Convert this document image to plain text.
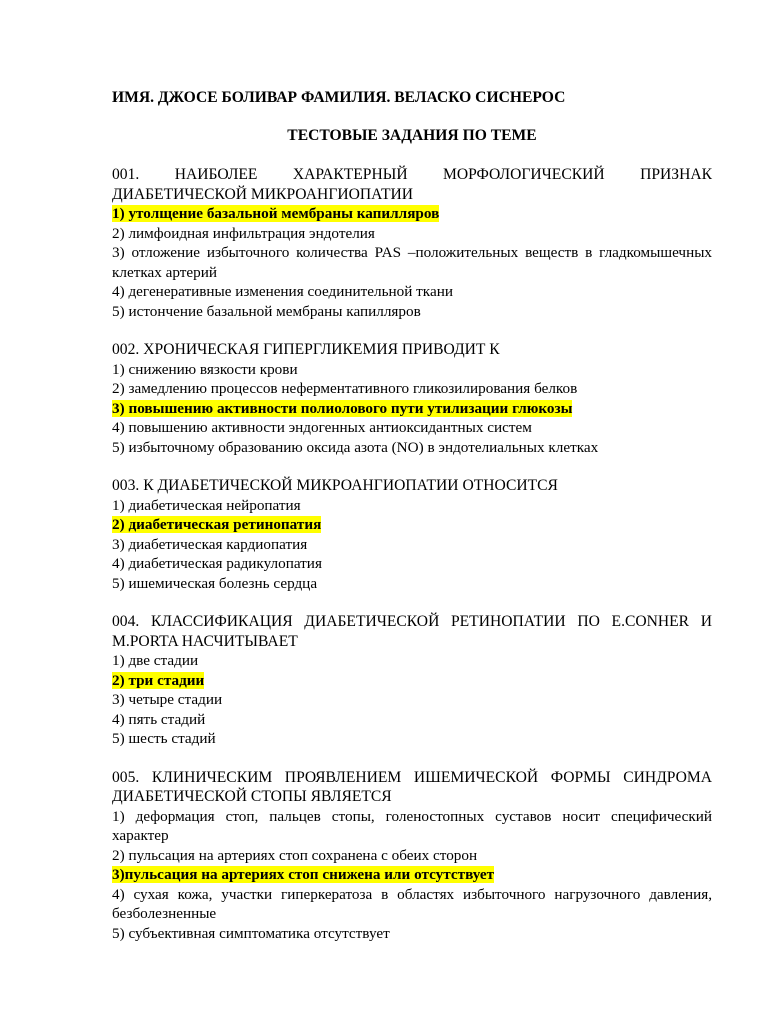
ИМЯ. ДЖОСЕ БОЛИВАР ФАМИЛИЯ. ВЕЛАСКО СИСНЕРОС
ТЕСТОВЫЕ ЗАДАНИЯ ПО ТЕМЕ
001. НАИБОЛЕЕ ХАРАКТЕРНЫЙ МОРФОЛОГИЧЕСКИЙ ПРИЗНАК ДИАБЕТИЧЕСКОЙ МИКРОАНГИОПАТИИ
1) утолщение базальной мембраны капилляров
2) лимфоидная инфильтрация эндотелия
3) отложение избыточного количества PAS –положительных веществ в гладкомышечных клетках артерий
4) дегенеративные изменения соединительной ткани
5) истончение базальной мембраны капилляров
002. ХРОНИЧЕСКАЯ ГИПЕРГЛИКЕМИЯ ПРИВОДИТ К
1) снижению вязкости крови
2) замедлению процессов неферментативного гликозилирования белков
3) повышению активности полиолового пути утилизации глюкозы
4) повышению активности эндогенных антиоксидантных систем
5) избыточному образованию оксида азота (NO) в эндотелиальных клетках
003. К ДИАБЕТИЧЕСКОЙ МИКРОАНГИОПАТИИ ОТНОСИТСЯ
1) диабетическая нейропатия
2) диабетическая ретинопатия
3) диабетическая кардиопатия
4) диабетическая радикулопатия
5) ишемическая болезнь сердца
004. КЛАССИФИКАЦИЯ ДИАБЕТИЧЕСКОЙ РЕТИНОПАТИИ ПО E.CONHER И M.PORTA НАСЧИТЫВАЕТ
1) две стадии
2) три стадии
3) четыре стадии
4) пять стадий
5) шесть стадий
005. КЛИНИЧЕСКИМ ПРОЯВЛЕНИЕМ ИШЕМИЧЕСКОЙ ФОРМЫ СИНДРОМА ДИАБЕТИЧЕСКОЙ СТОПЫ ЯВЛЯЕТСЯ
1) деформация стоп, пальцев стопы, голеностопных суставов носит специфический характер
2) пульсация на артериях стоп сохранена с обеих сторон
3)пульсация на артериях стоп снижена или отсутствует
4) сухая кожа, участки гиперкератоза в областях избыточного нагрузочного давления, безболезненные
5) субъективная симптоматика отсутствует
